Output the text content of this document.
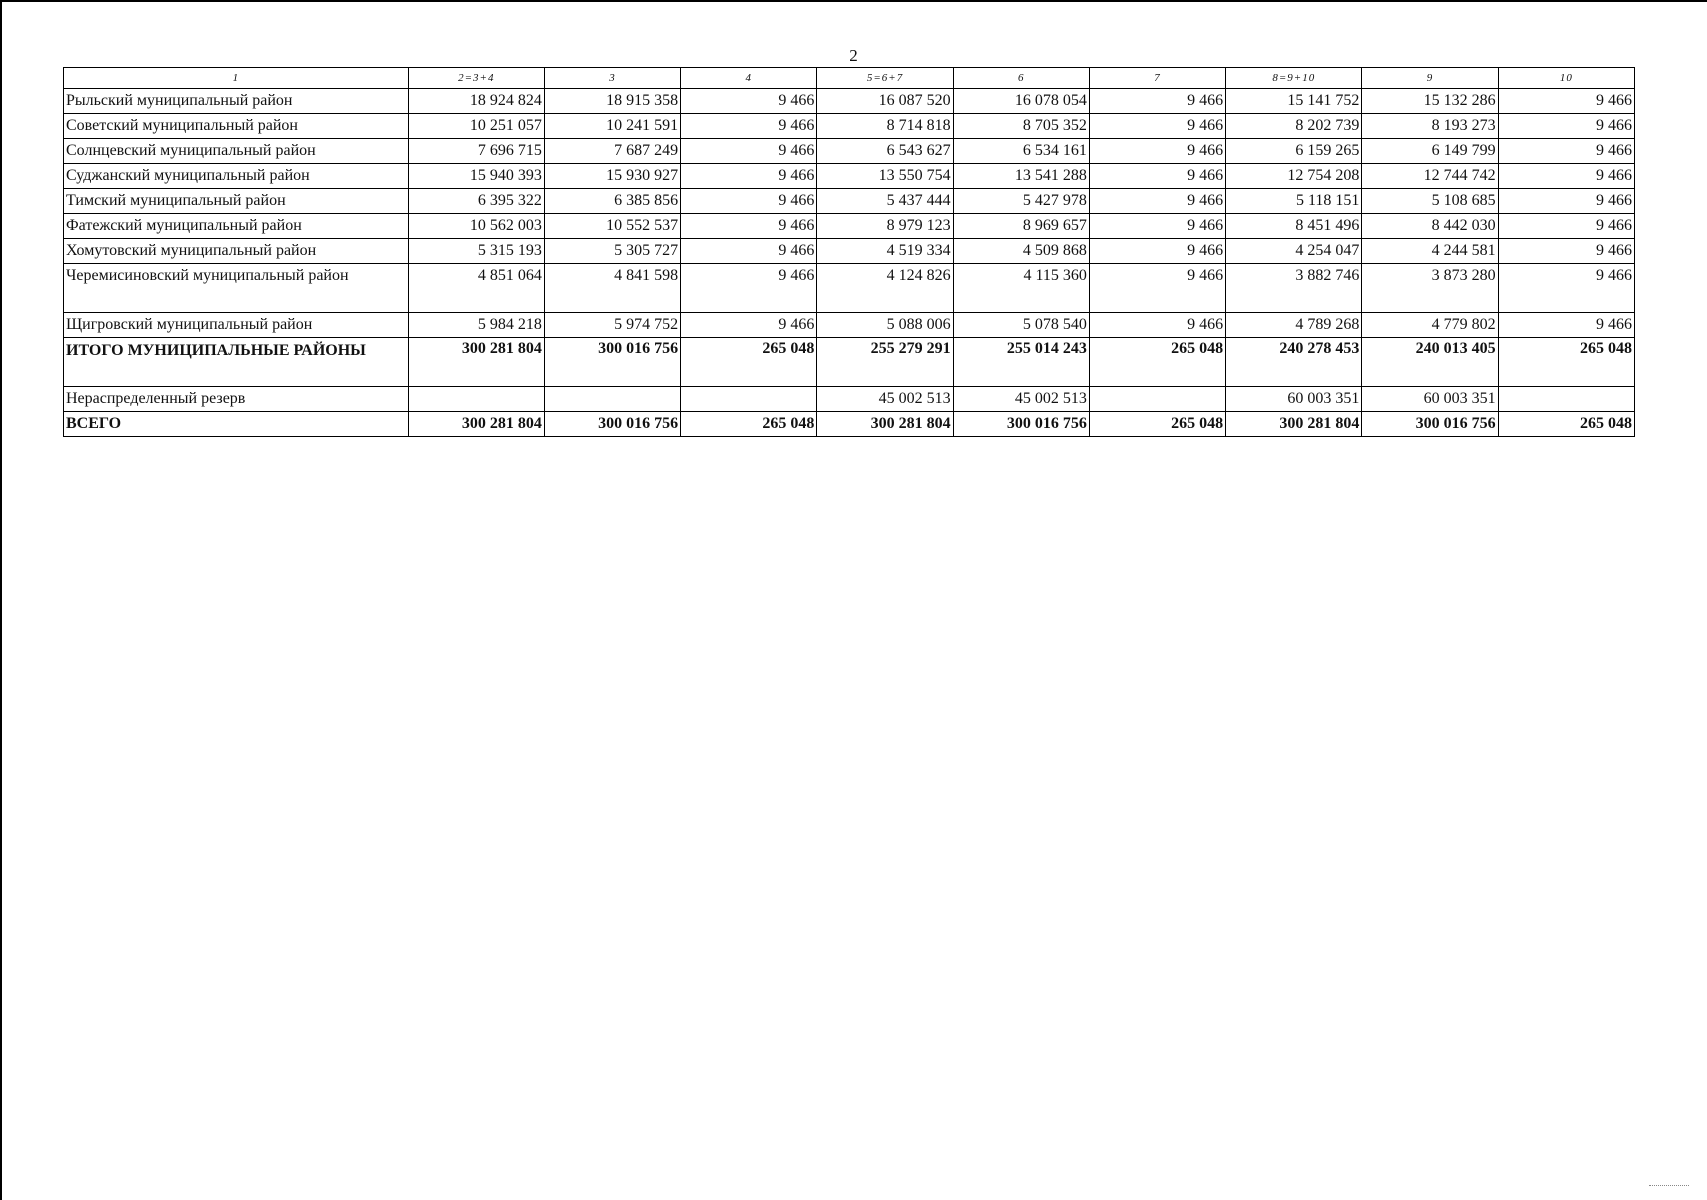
2
1	2=3+4	3	4	5=6+7	6	7	8=9+10	9	10
Рыльский муниципальный район	18 924 824	18 915 358	9 466	16 087 520	16 078 054	9 466	15 141 752	15 132 286	9 466
Советский муниципальный район	10 251 057	10 241 591	9 466	8 714 818	8 705 352	9 466	8 202 739	8 193 273	9 466
Солнцевский муниципальный район	7 696 715	7 687 249	9 466	6 543 627	6 534 161	9 466	6 159 265	6 149 799	9 466
Суджанский муниципальный район	15 940 393	15 930 927	9 466	13 550 754	13 541 288	9 466	12 754 208	12 744 742	9 466
Тимский муниципальный район	6 395 322	6 385 856	9 466	5 437 444	5 427 978	9 466	5 118 151	5 108 685	9 466
Фатежский муниципальный район	10 562 003	10 552 537	9 466	8 979 123	8 969 657	9 466	8 451 496	8 442 030	9 466
Хомутовский муниципальный район	5 315 193	5 305 727	9 466	4 519 334	4 509 868	9 466	4 254 047	4 244 581	9 466
Черемисиновский муниципальный район	4 851 064	4 841 598	9 466	4 124 826	4 115 360	9 466	3 882 746	3 873 280	9 466
Щигровский муниципальный район	5 984 218	5 974 752	9 466	5 088 006	5 078 540	9 466	4 789 268	4 779 802	9 466
ИТОГО МУНИЦИПАЛЬНЫЕ РАЙОНЫ	300 281 804	300 016 756	265 048	255 279 291	255 014 243	265 048	240 278 453	240 013 405	265 048
Нераспределенный резерв				45 002 513	45 002 513		60 003 351	60 003 351	
ВСЕГО	300 281 804	300 016 756	265 048	300 281 804	300 016 756	265 048	300 281 804	300 016 756	265 048
